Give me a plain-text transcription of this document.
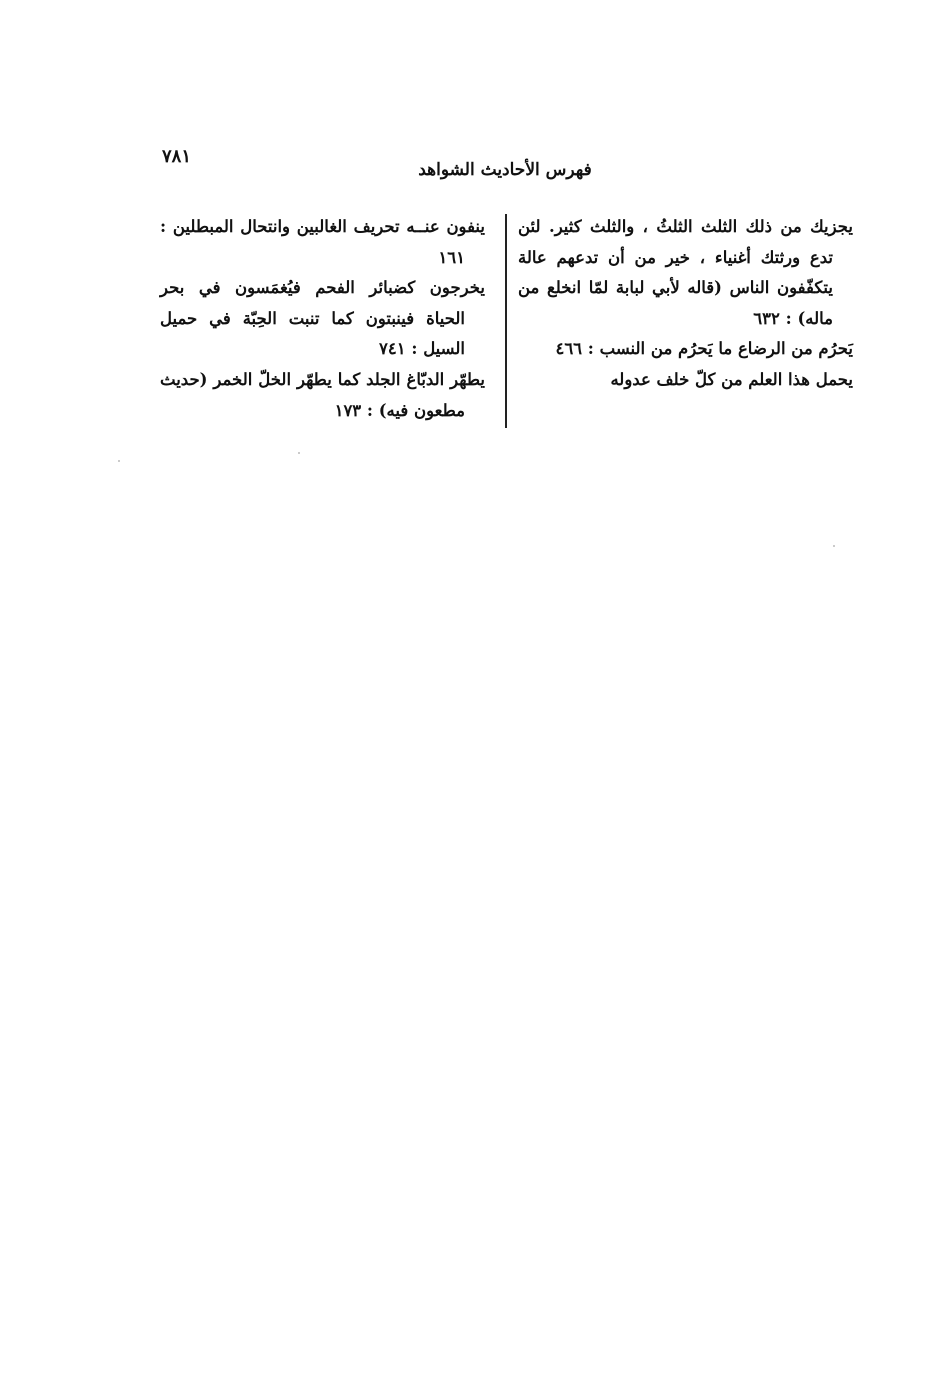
٧٨١
فهرس الأحاديث الشواهد

يجزيك من ذلك الثلث الثلثُ ، والثلث كثير. لئن تدع ورثتك أغنياء ، خير من أن تدعهم عالة يتكفّفون الناس (قاله لأبي لبابة لمّا انخلع من ماله) : ٦٣٢

يَحرُم من الرضاع ما يَحرُم من النسب : ٤٦٦

يحمل هذا العلم من كلّ خلف عدوله

ينفون عنــه تحريف الغالبين وانتحال المبطلين : ١٦١

يخرجون كضبائر الفحم فيُغمَسون في بحر الحياة فينبتون كما تنبت الحِبّة في حميل السيل : ٧٤١

يطهّر الدبّاغ الجلد كما يطهّر الخلّ الخمر (حديث مطعون فيه) : ١٧٣
